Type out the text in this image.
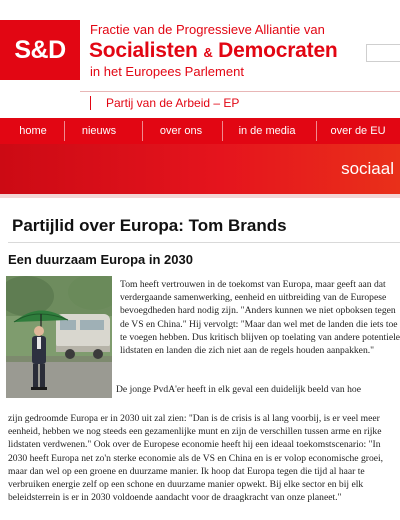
S&D
Fractie van de Progressieve Alliantie van
Socialisten & Democraten
in het Europees Parlement
Partij van de Arbeid – EP
home	nieuws	over ons	in de media	over de EU
sociaal
Partijlid over Europa: Tom Brands
Een duurzaam Europa in 2030
Tom heeft vertrouwen in de toekomst van Europa, maar geeft aan dat verdergaande samenwerking, eenheid en uitbreiding van de Europese bevoegdheden hard nodig zijn. "Anders kunnen we niet opboksen tegen de VS en China." Hij vervolgt: "Maar dan wel met de landen die iets toe te voegen hebben. Dus kritisch blijven op toelating van andere potentiele lidstaten en landen die zich niet aan de regels houden aanpakken."
De jonge PvdA'er heeft in elk geval een duidelijk beeld van hoe
zijn gedroomde Europa er in 2030 uit zal zien: "Dan is de crisis is al lang voorbij, is er veel meer eenheid, hebben we nog steeds een gezamenlijke munt en zijn de verschillen tussen arme en rijke lidstaten verdwenen." Ook over de Europese economie heeft hij een ideaal toekomstscenario: "In 2030 heeft Europa net zo'n sterke economie als de VS en China en is er volop economische groei, maar dan wel op een groene en duurzame manier. Ik hoop dat Europa tegen die tijd al haar te verbruiken energie zelf op een schone en duurzame manier opwekt. Bij elke sector en bij elk beleidsterrein is er in 2030 voldoende aandacht voor de draagkracht van onze planeet."
